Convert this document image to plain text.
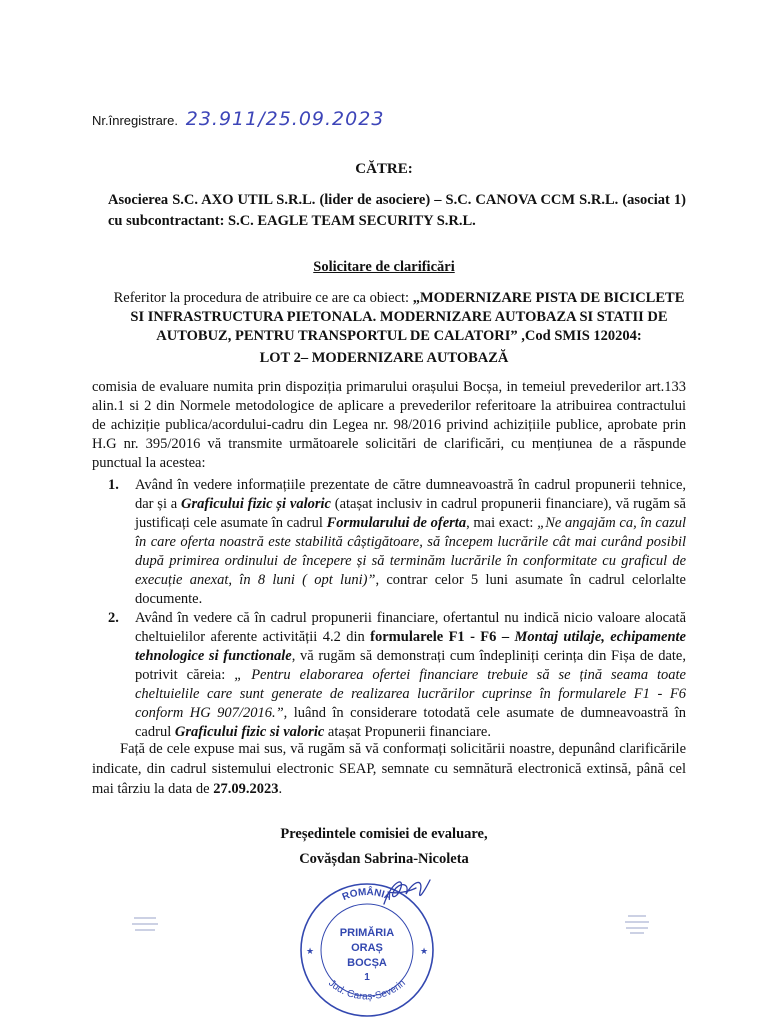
Nr.înregistrare. 23.911/25.09.2023
CĂTRE:
Asocierea S.C. AXO UTIL S.R.L. (lider de asociere) – S.C. CANOVA CCM S.R.L. (asociat 1) cu subcontractant: S.C. EAGLE TEAM SECURITY S.R.L.
Solicitare de clarificări
Referitor la procedura de atribuire ce are ca obiect: „MODERNIZARE PISTA DE BICICLETE SI INFRASTRUCTURA PIETONALA. MODERNIZARE AUTOBAZA SI STATII DE AUTOBUZ, PENTRU TRANSPORTUL DE CALATORI” ,Cod SMIS 120204:
LOT 2– MODERNIZARE AUTOBAZĂ
comisia de evaluare numita prin dispoziția primarului orașului Bocșa, in temeiul prevederilor art.133 alin.1 si 2 din Normele metodologice de aplicare a prevederilor referitoare la atribuirea contractului de achiziție publica/acordului-cadru din Legea nr. 98/2016 privind achizițiile publice, aprobate prin H.G nr. 395/2016 vă transmite următoarele solicitări de clarificări, cu mențiunea de a răspunde punctual la acestea:
1. Având în vedere informațiile prezentate de către dumneavoastră în cadrul propunerii tehnice, dar și a Graficului fizic și valoric (atașat inclusiv in cadrul propunerii financiare), vă rugăm să justificați cele asumate în cadrul Formularului de oferta, mai exact: „Ne angajăm ca, în cazul în care oferta noastră este stabilită câștigătoare, să începem lucrările cât mai curând posibil după primirea ordinului de începere și să terminăm lucrările în conformitate cu graficul de execuție anexat, în 8 luni ( opt luni)”, contrar celor 5 luni asumate în cadrul celorlalte documente.
2. Având în vedere că în cadrul propunerii financiare, ofertantul nu indică nicio valoare alocată cheltuielilor aferente activității 4.2 din formularele F1 - F6 – Montaj utilaje, echipamente tehnologice si functionale, vă rugăm să demonstrați cum îndepliniți cerința din Fișa de date, potrivit căreia: „ Pentru elaborarea ofertei financiare trebuie să se țină seama toate cheltuielile care sunt generate de realizarea lucrărilor cuprinse în formularele F1 - F6 conform HG 907/2016.”, luând în considerare totodată cele asumate de dumneavoastră în cadrul Graficului fizic si valoric atașat Propunerii financiare.
Față de cele expuse mai sus, vă rugăm să vă conformați solicitării noastre, depunând clarificările indicate, din cadrul sistemului electronic SEAP, semnate cu semnătură electronică extinsă, până cel mai târziu la data de 27.09.2023.
Președintele comisiei de evaluare,
Covășdan Sabrina-Nicoleta
ROMÂNIA
Jud. Caraș-Severin
PRIMĂRIA
ORAȘ
BOCȘA
1
★	★
